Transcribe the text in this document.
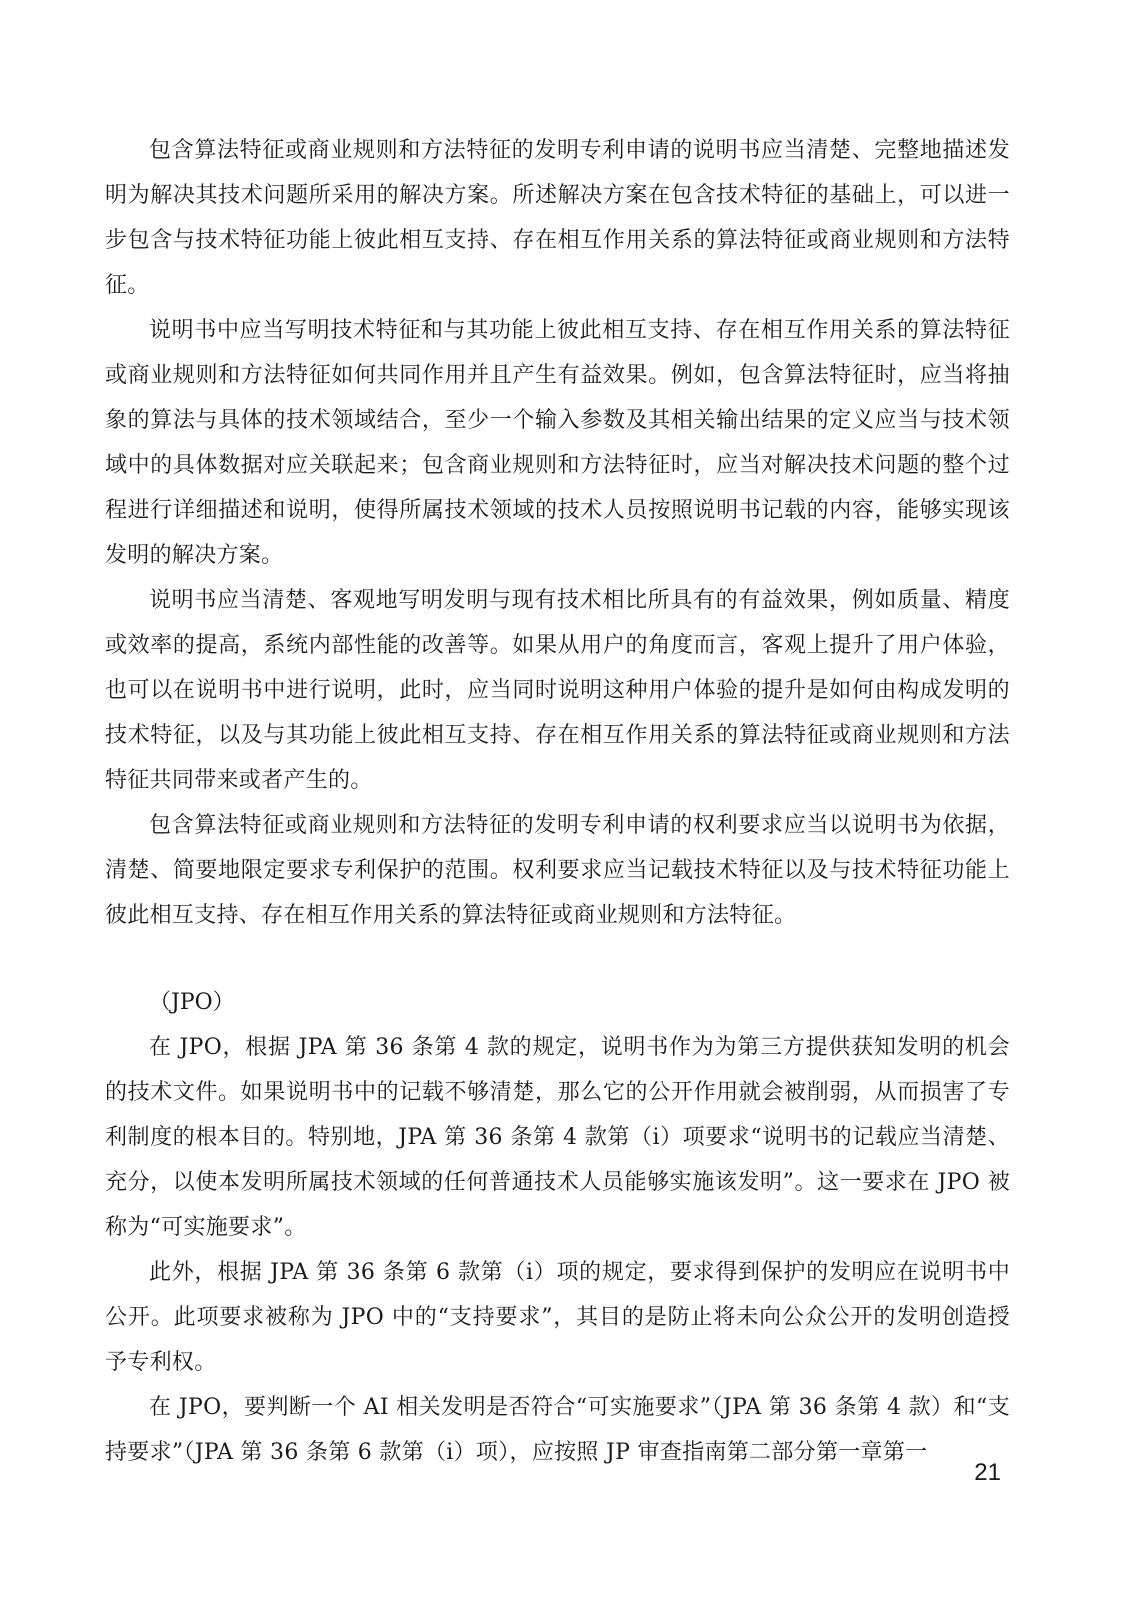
包含算法特征或商业规则和方法特征的发明专利申请的说明书应当清楚、完整地描述发明为解决其技术问题所采用的解决方案。所述解决方案在包含技术特征的基础上，可以进一步包含与技术特征功能上彼此相互支持、存在相互作用关系的算法特征或商业规则和方法特征。

说明书中应当写明技术特征和与其功能上彼此相互支持、存在相互作用关系的算法特征或商业规则和方法特征如何共同作用并且产生有益效果。例如，包含算法特征时，应当将抽象的算法与具体的技术领域结合，至少一个输入参数及其相关输出结果的定义应当与技术领域中的具体数据对应关联起来；包含商业规则和方法特征时，应当对解决技术问题的整个过程进行详细描述和说明，使得所属技术领域的技术人员按照说明书记载的内容，能够实现该发明的解决方案。

说明书应当清楚、客观地写明发明与现有技术相比所具有的有益效果，例如质量、精度或效率的提高，系统内部性能的改善等。如果从用户的角度而言，客观上提升了用户体验，也可以在说明书中进行说明，此时，应当同时说明这种用户体验的提升是如何由构成发明的技术特征，以及与其功能上彼此相互支持、存在相互作用关系的算法特征或商业规则和方法特征共同带来或者产生的。

包含算法特征或商业规则和方法特征的发明专利申请的权利要求应当以说明书为依据，清楚、简要地限定要求专利保护的范围。权利要求应当记载技术特征以及与技术特征功能上彼此相互支持、存在相互作用关系的算法特征或商业规则和方法特征。

（JPO）

在 JPO，根据 JPA 第 36 条第 4 款的规定，说明书作为为第三方提供获知发明的机会的技术文件。如果说明书中的记载不够清楚，那么它的公开作用就会被削弱，从而损害了专利制度的根本目的。特别地，JPA 第 36 条第 4 款第（i）项要求“说明书的记载应当清楚、充分，以使本发明所属技术领域的任何普通技术人员能够实施该发明”。这一要求在 JPO 被称为“可实施要求”。

此外，根据 JPA 第 36 条第 6 款第（i）项的规定，要求得到保护的发明应在说明书中公开。此项要求被称为 JPO 中的“支持要求”，其目的是防止将未向公众公开的发明创造授予专利权。

在 JPO，要判断一个 AI 相关发明是否符合“可实施要求”（JPA 第 36 条第 4 款）和“支持要求”（JPA 第 36 条第 6 款第（i）项），应按照 JP 审查指南第二部分第一章第一

21
